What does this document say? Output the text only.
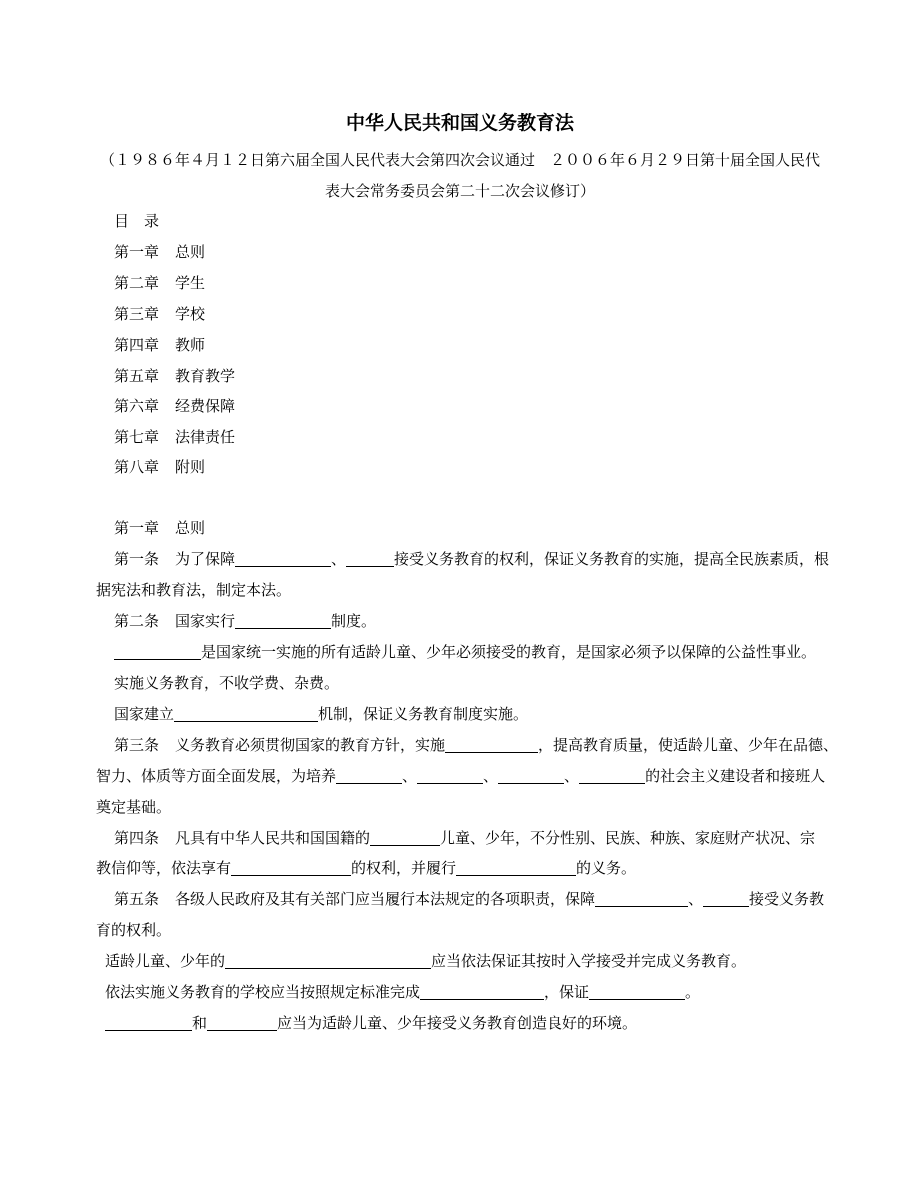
中华人民共和国义务教育法
（１９８６年４月１２日第六届全国人民代表大会第四次会议通过　２００６年６月２９日第十届全国人民代
表大会常务委员会第二十二次会议修订）
目　录
第一章 总则
第二章 学生
第三章 学校
第四章 教师
第五章 教育教学
第六章 经费保障
第七章 法律责任
第八章 附则
第一章 总则
第一条 为了保障	、	接受义务教育的权利，保证义务教育的实施，提高全民族素质，根
据宪法和教育法，制定本法。
第二条 国家实行	制度。
是国家统一实施的所有适龄儿童、少年必须接受的教育，是国家必须予以保障的公益性事业。
实施义务教育，不收学费、杂费。
国家建立	机制，保证义务教育制度实施。
第三条 义务教育必须贯彻国家的教育方针，实施	，提高教育质量，使适龄儿童、少年在品德、
智力、体质等方面全面发展，为培养	、	、	、	的社会主义建设者和接班人
奠定基础。
第四条 凡具有中华人民共和国国籍的	儿童、少年，不分性别、民族、种族、家庭财产状况、宗
教信仰等，依法享有	的权利，并履行	的义务。
第五条 各级人民政府及其有关部门应当履行本法规定的各项职责，保障	、	接受义务教
育的权利。
适龄儿童、少年的	应当依法保证其按时入学接受并完成义务教育。
依法实施义务教育的学校应当按照规定标准完成	，保证	。
和	应当为适龄儿童、少年接受义务教育创造良好的环境。
